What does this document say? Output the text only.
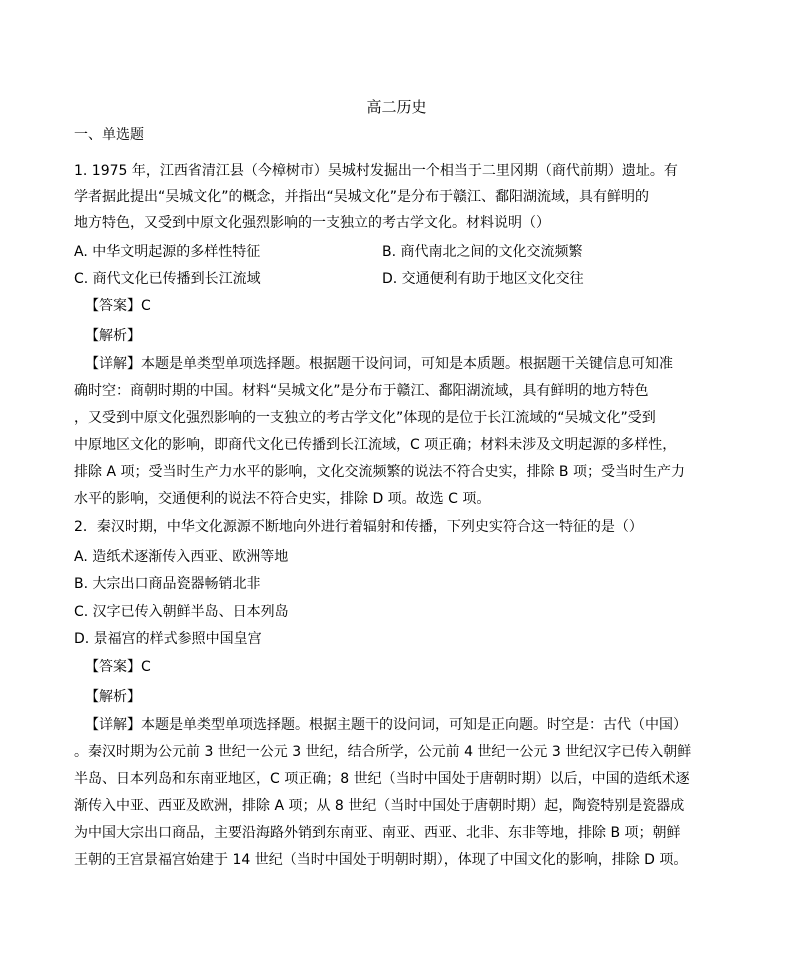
高二历史
一、单选题
1. 1975 年，江西省清江县（今樟树市）吴城村发掘出一个相当于二里冈期（商代前期）遗址。有
学者据此提出“吴城文化”的概念，并指出“吴城文化”是分布于赣江、鄱阳湖流域，具有鲜明的
地方特色，又受到中原文化强烈影响的一支独立的考古学文化。材料说明（）
A. 中华文明起源的多样性特征	B. 商代南北之间的文化交流频繁
C. 商代文化已传播到长江流域	D. 交通便利有助于地区文化交往
【答案】C
【解析】
【详解】本题是单类型单项选择题。根据题干设问词，可知是本质题。根据题干关键信息可知准
确时空：商朝时期的中国。材料“吴城文化”是分布于赣江、鄱阳湖流域，具有鲜明的地方特色
，又受到中原文化强烈影响的一支独立的考古学文化”体现的是位于长江流域的“吴城文化”受到
中原地区文化的影响，即商代文化已传播到长江流域，C 项正确；材料未涉及文明起源的多样性，
排除 A 项；受当时生产力水平的影响，文化交流频繁的说法不符合史实，排除 B 项；受当时生产力
水平的影响，交通便利的说法不符合史实，排除 D 项。故选 C 项。
2．秦汉时期，中华文化源源不断地向外进行着辐射和传播，下列史实符合这一特征的是（）
A. 造纸术逐渐传入西亚、欧洲等地
B. 大宗出口商品瓷器畅销北非
C. 汉字已传入朝鲜半岛、日本列岛
D. 景福宫的样式参照中国皇宫
【答案】C
【解析】
【详解】本题是单类型单项选择题。根据主题干的设问词，可知是正向题。时空是：古代（中国）
。秦汉时期为公元前 3 世纪一公元 3 世纪，结合所学，公元前 4 世纪一公元 3 世纪汉字已传入朝鲜
半岛、日本列岛和东南亚地区，C 项正确；8 世纪（当时中国处于唐朝时期）以后，中国的造纸术逐
渐传入中亚、西亚及欧洲，排除 A 项；从 8 世纪（当时中国处于唐朝时期）起，陶瓷特别是瓷器成
为中国大宗出口商品，主要沿海路外销到东南亚、南亚、西亚、北非、东非等地，排除 B 项；朝鲜
王朝的王宫景福宫始建于 14 世纪（当时中国处于明朝时期），体现了中国文化的影响，排除 D 项。
